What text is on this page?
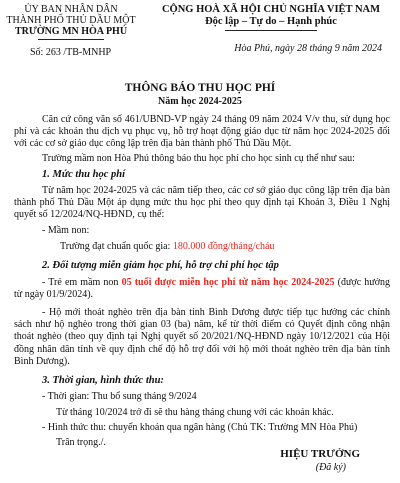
ỦY BAN NHÂN DÂN
THÀNH PHỐ THỦ DẦU MỘT
TRƯỜNG MN HÒA PHÚ
Số: 263 /TB-MNHP
CỘNG HOÀ XÃ HỘI CHỦ NGHĨA VIỆT NAM
Độc lập – Tự do – Hạnh phúc
Hòa Phú, ngày 28 tháng 9 năm 2024
THÔNG BÁO THU HỌC PHÍ
Năm học 2024-2025
Căn cứ công văn số 461/UBND-VP ngày 24 tháng 09 năm 2024 V/v thu, sử dụng học phí và các khoản thu dịch vụ phục vụ, hỗ trợ hoạt động giáo dục từ năm học 2024-2025 đối với các cơ sở giáo dục công lập trên địa bàn thành phố Thủ Dầu Một.
Trường mầm non Hòa Phú thông báo thu học phí cho học sinh cụ thể như sau:
1. Mức thu học phí
Từ năm học 2024-2025 và các năm tiếp theo, các cơ sở giáo dục công lập trên địa bàn thành phố Thủ Dầu Một áp dụng mức thu học phí theo quy định tại Khoản 3, Điều 1 Nghị quyết số 12/2024/NQ-HĐND, cụ thể:
- Mầm non:
Trường đạt chuẩn quốc gia: 180.000 đồng/tháng/cháu
2. Đối tượng miễn giảm học phí, hỗ trợ chi phí học tập
- Trẻ em mầm non 05 tuổi được miễn học phí từ năm học 2024-2025 (được hưởng từ ngày 01/9/2024).
- Hộ mới thoát nghèo trên địa bàn tỉnh Bình Dương được tiếp tục hưởng các chính sách như hộ nghèo trong thời gian 03 (ba) năm, kể từ thời điểm có Quyết định công nhận thoát nghèo (theo quy định tại Nghị quyết số 20/2021/NQ-HĐND ngày 10/12/2021 của Hội đồng nhân dân tỉnh về quy định chế độ hỗ trợ đối với hộ mới thoát nghèo trên địa bàn tỉnh Bình Dương).
3. Thời gian, hình thức thu:
- Thời gian: Thu bổ sung tháng 9/2024
Từ tháng 10/2024 trở đi sẽ thu hàng tháng chung với các khoản khác.
- Hình thức thu: chuyển khoản qua ngân hàng (Chủ TK: Trường MN Hòa Phú)
Trân trọng./.
HIỆU TRƯỞNG
(Đã ký)
